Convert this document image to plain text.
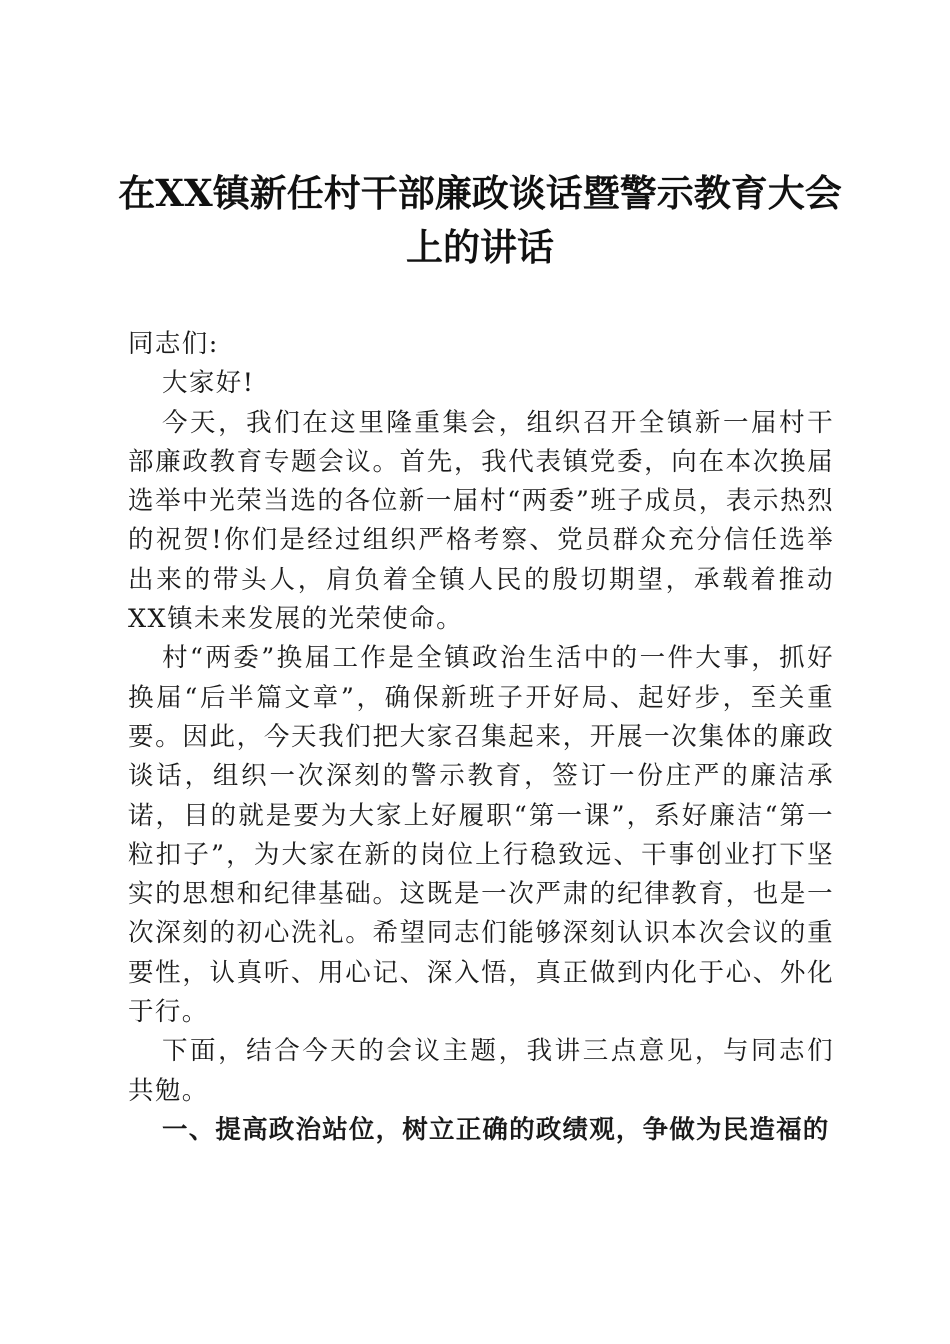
在XX镇新任村干部廉政谈话暨警示教育大会上的讲话

同志们:

大家好!

今天，我们在这里隆重集会，组织召开全镇新一届村干部廉政教育专题会议。首先，我代表镇党委，向在本次换届选举中光荣当选的各位新一届村“两委”班子成员，表示热烈的祝贺!你们是经过组织严格考察、党员群众充分信任选举出来的带头人，肩负着全镇人民的殷切期望，承载着推动XX镇未来发展的光荣使命。

村“两委”换届工作是全镇政治生活中的一件大事，抓好换届“后半篇文章”，确保新班子开好局、起好步，至关重要。因此，今天我们把大家召集起来，开展一次集体的廉政谈话，组织一次深刻的警示教育，签订一份庄严的廉洁承诺，目的就是要为大家上好履职“第一课”，系好廉洁“第一粒扣子”，为大家在新的岗位上行稳致远、干事创业打下坚实的思想和纪律基础。这既是一次严肃的纪律教育，也是一次深刻的初心洗礼。希望同志们能够深刻认识本次会议的重要性，认真听、用心记、深入悟，真正做到内化于心、外化于行。

下面，结合今天的会议主题，我讲三点意见，与同志们共勉。

一、提高政治站位，树立正确的政绩观，争做为民造福的
